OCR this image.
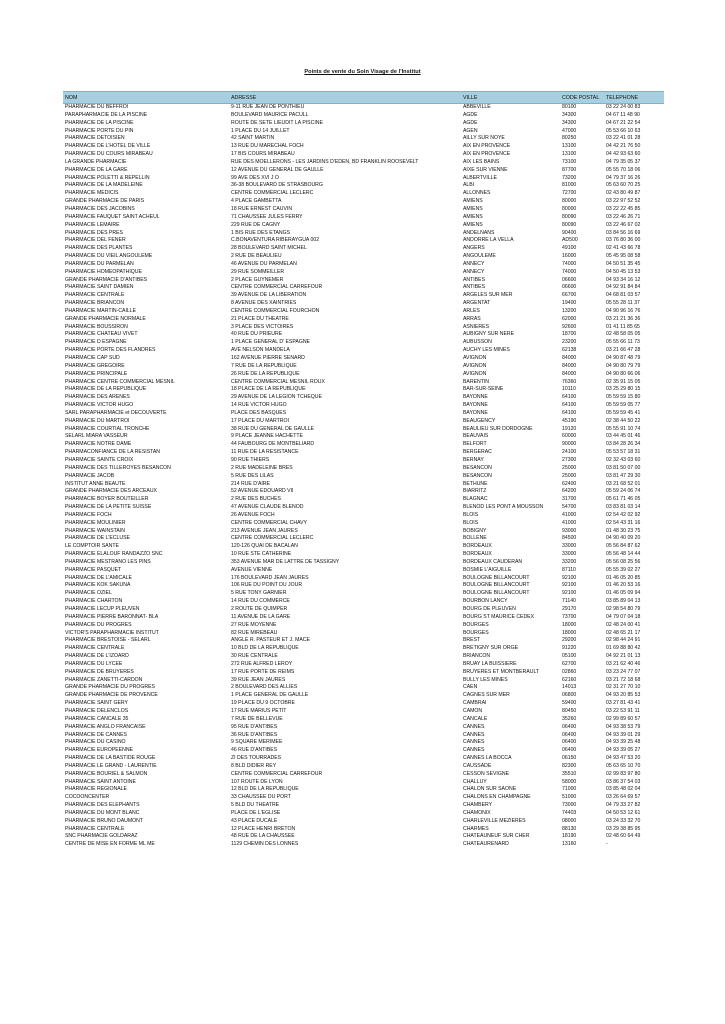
Points de vente du Soin Visage de l'Institut
NOM	ADRESSE	VILLE	CODE POSTAL	TÉLÉPHONE
PHARMACIE DU BEFFROI	9-11 RUE JEAN DE PONTHIEU	ABBEVILLE	80100	03 22 24 00 83
PARAPHARMACIE DE LA PISCINE	BOULEVARD MAURICE PACULL	AGDE	34300	04 67 11 48 90
PHARMACIE DE LA PISCINE	ROUTE DE SETE LIEUDIT LA PISCINE	AGDE	34300	04 67 21 22 54
PHARMACIE PORTE DU PIN	1 PLACE DU 14 JUILLET	AGEN	47000	05 53 66 10 63
PHARMACIE DETOISIEN	42 SAINT MARTIN	AILLY SUR NOYE	80250	03 22 41 01 28
PHARMACIE DE L'HOTEL DE VILLE	13 RUE DU MARECHAL FOCH	AIX EN PROVENCE	13100	04 42 21 76 50
PHARMACIE DU COURS MIRABEAU	17 BIS COURS MIRABEAU	AIX EN PROVENCE	13100	04 42 93 63 60
LA GRANDE PHARMACIE	RUE DES MOELLERONS - LES JARDINS D'EDEN, BD FRANKLIN ROOSEVELT	AIX LES BAINS	73100	04 79 35 05 37
PHARMACIE DE LA GARE	12 AVENUE DU GENERAL DE GAULLE	AIXE SUR VIENNE	87700	05 55 70 18 06
PHARMACIE POLETTI & REPELLIN	99 AVE DES XVI J O	ALBERTVILLE	73200	04 79 37 16 26
PHARMACIE DE LA MADELEINE	36-38 BOULEVARD DE STRASBOURG	ALBI	81000	05 63 60 70 25
PHARMACIE MEDICIS	CENTRE COMMERCIAL LECLERC	ALLONNES	72700	02 43 80 49 87
GRANDE PHARMACIE DE PARIS	4 PLACE GAMBETTA	AMIENS	80000	03 22 97 52 52
PHARMACIE DES JACOBINS	18 RUE ERNEST CAUVIN	AMIENS	80000	03 22 22 45 85
PHARMACIE FAUQUET SAINT ACHEUL	71 CHAUSSEE JULES FERRY	AMIENS	80090	03 22 46 26 71
PHARMACIE LEMAIRE	229 RUE DE CAGNY	AMIENS	80090	03 22 46 67 02
PHARMACIE DES PRES	1 BIS RUE DES ETANGS	ANDELNANS	90400	03 84 56 16 69
PHARMACIE DEL FENER	C.BONAVENTURA RIBERAYGUA 002	ANDORRE LA VELLA	AD500	03 76 80 36 00
PHARMACIE DES PLANTES	28 BOULEVARD SAINT MICHEL	ANGERS	49100	02 41 43 66 78
PHARMACIE DU VIEIL ANGOULÊME	2 RUE DE BEAULIEU	ANGOULEME	16000	05 45 95 08 58
PHARMACIE DU PARMELAN	46 AVENUE DU PARMELAN	ANNECY	74000	04 50 51 35 45
PHARMACIE HOMEOPATHIQUE	29 RUE SOMMEILLER	ANNECY	74000	04 50 45 13 53
GRANDE PHARMACIE D'ANTIBES	2 PLACE GUYNEMER	ANTIBES	06600	04 93 34 16 12
PHARMACIE SAINT DAMIEN	CENTRE COMMERCIAL CARREFOUR	ANTIBES	06600	04 92 91 84 84
PHARMACIE CENTRALE	39 AVENUE DE LA LIBERATION	ARGELES SUR MER	66700	04 68 81 03 57
PHARMACIE BRIANCON	8 AVENUE DES XAINTRIES	ARGENTAT	19400	05 55 28 11 37
PHARMACIE MARTIN-CAILLE	CENTRE COMMERCIAL FOURCHON	ARLES	13200	04 90 96 16 76
GRANDE PHARMACIE NORMALE	21 PLACE DU THEATRE	ARRAS	62000	03 21 21 36 36
PHARMACIE BOUSSIRON	3 PLACE DES VICTOIRES	ASNIERES	92600	01 41 11 85 65
PHARMACIE CHATEAU VIVET	40 RUE DU PRIEURE	AUBIGNY SUR NERE	18700	02 48 58 05 05
PHARMACIE D ESPAGNE	1 PLACE GENERAL D' ESPAGNE	AUBUSSON	23200	05 55 66 11 73
PHARMACIE PORTE DES FLANDRES	AVE NELSON MANDELA	AUCHY LES MINES	62138	03 21 66 47 28
PHARMACIE CAP SUD	162 AVENUE PIERRE SENARD	AVIGNON	84000	04 90 87 48 79
PHARMACIE GREGOIRE	7 RUE DE LA REPUBLIQUE	AVIGNON	84000	04 90 80 79 79
PHARMACIE PRINCIPALE	26 RUE DE LA REPUBLIQUE	AVIGNON	84000	04 90 80 66 06
PHARMACIE CENTRE COMMERCIAL MESNIL	CENTRE COMMERCIAL MESNIL ROUX	BARENTIN	76360	02 35 91 15 05
PHARMACIE DE LA REPUBLIQUE	18 PLACE DE LA REPUBLIQUE	BAR-SUR-SEINE	10110	03 25 29 80 15
PHARMACIE DES ARENES	29 AVENUE DE LA LEGION TCHEQUE	BAYONNE	64100	05 59 59 15 80
PHARMACIE VICTOR HUGO	14 RUE VICTOR HUGO	BAYONNE	64100	05 59 59 05 77
SARL PARAPHARMACIE et DECOUVERTE	PLACE DES BASQUES	BAYONNE	64100	05 59 59 45 41
PHARMACIE DU MARTROI	17 PLACE DU MARTROI	BEAUGENCY	45190	02 38 44 50 22
PHARMACIE COURTIAL TRONCHE	38 RUE DU GENERAL DE GAULLE	BEAULIEU SUR DORDOGNE	19120	05 55 91 10 74
SELARL MIARA VASSEUR	9 PLACE JEANNE HACHETTE	BEAUVAIS	60000	03 44 45 01 46
PHARMACIE NOTRE DAME	44 FAUBOURG DE MONTBELIARD	BELFORT	90000	03 84 28 26 34
PHARMACONFIANCE DE LA RESISTAN	11 RUE DE LA RESISTANCE	BERGERAC	24100	05 53 57 18 31
PHARMACIE SAINTE CROIX	90 RUE THIERS	BERNAY	27300	02 32 43 03 60
PHARMACIE DES TILLEROYES BESANCON	2 RUE MADELEINE BRES	BESANCON	25000	03 81 50 07 00
PHARMACIE JACOB	5 RUE DES LILAS	BESANCON	25000	03 81 47 29 30
INSTITUT ANNE BEAUTE	214 RUE D'AIRE	BETHUNE	62400	03 21 68 52 01
GRANDE PHARMACIE DES ARCEAUX	52 AVENUE EDOUARD VII	BIARRITZ	64200	05 59 24 06 74
PHARMACIE BOYER BOUTEILLER	2 RUE DES BUCHES	BLAGNAC	31700	05 61 71 46 05
PHARMACIE DE LA PETITE SUISSE	47 AVENUE CLAUDE BLENOD	BLENOD LES PONT A MOUSSON	54700	03 83 81 03 14
PHARMACIE FOCH	26 AVENUE FOCH	BLOIS	41000	02 54 42 02 92
PHARMACIE MOULINIER	CENTRE COMMERCIAL CHAVY	BLOIS	41000	02 54 43 31 16
PHARMACIE WAINSTAIN	213 AVENUE JEAN JAURES	BOBIGNY	93000	01 48 30 23 75
PHARMACIE DE L'ECLUSE	CENTRE COMMERCIAL LECLERC	BOLLENE	84500	04 90 40 09 20
LE COMPTOIR SANTE	120-126 QUAI DE BACALAN	BORDEAUX	33000	05 56 84 87 62
PHARMACIE ELALOUF RANDAZZO SNC	10 RUE STE CATHERINE	BORDEAUX	33000	05 56 48 14 44
PHARMACIE MESTRANO LES PINS	353 AVENUE MAR DE LATTRE DE TASSIGNY	BORDEAUX CAUDERAN	33200	05 56 08 25 56
PHARMACIE PASQUET	AVENUE VIENNE	BOSMIE L'AIGUILLE	87110	05 55 39 02 27
PHARMACIE DE L'AMICALE	176 BOULEVARD JEAN JAURES	BOULOGNE BILLANCOURT	92100	01 46 05 20 85
PHARMACIE KOK SAKUNA	106 RUE DU POINT DU JOUR	BOULOGNE BILLANCOURT	92100	01 46 20 53 16
PHARMACIE OZIEL	5 RUE TONY GARNIER	BOULOGNE BILLANCOURT	92100	01 46 05 09 94
PHARMACIE CHARTON	14 RUE DU COMMERCE	BOURBON LANCY	71140	03 85 89 04 13
PHARMACIE LECUP PLEUVEN	2 ROUTE DE QUIMPER	BOURG DE PLEUVEN	29170	02 98 54 80 79
PHARMACIE PIERRE BARONNAT- BLA	11 AVENUE DE LA GARE	BOURG ST MAURICE CEDEX	73700	04 79 07 04 18
PHARMACIE DU PROGRES	27 RUE MOYENNE	BOURGES	18000	02 48 24 00 41
VICTOR'S PARAPHARMACIE INSTITUT	82 RUE MIREBEAU	BOURGES	18000	02 48 65 21 17
PHARMACIE BRESTOISE - SELARL	ANGLE R. PASTEUR ET J. MACE	BREST	29200	02 98 44 24 91
PHARMACIE CENTRALE	10 BLD DE LA REPUBLIQUE	BRETIGNY SUR ORGE	91220	01 69 88 80 42
PHARMACIE DE L'IZOARD	30 RUE CENTRALE	BRIANCON	05100	04 92 21 01 13
PHARMACIE DU LYCEE	272 RUE ALFRED LEROY	BRUAY LA BUISSIERE	62700	03 21 62 40 46
PHARMACIE DE BRUYERES	17 RUE PORTE DE REIMS	BRUYERES ET MONTBERAULT	02860	03 23 24 77 07
PHARMACIE ZANETTI-CARDON	39 RUE JEAN JAURES	BULLY LES MINES	62160	03 21 72 18 68
GRANDE PHARMACIE DU PROGRES	2 BOULEVARD DES ALLIES	CAEN	14013	02 31 27 70 10
GRANDE PHARMACIE DE PROVENCE	1 PLACE GÉNÉRAL DE GAULLE	CAGNES SUR MER	06800	04 93 20 85 53
PHARMACIE SAINT GERY	19 PLACE DU 9 OCTOBRE	CAMBRAI	59400	03 27 81 43 41
PHARMACIE DELENCLOS	17 RUE MARIUS PETIT	CAMON	80450	03 22 53 91 11
PHARMACIE CANCALE 35	7 RUE DE BELLEVUE	CANCALE	35260	02 99 89 60 57
PHARMACIE ANGLO FRANCAISE	95 RUE D'ANTIBES	CANNES	06400	04 93 38 53 79
PHARMACIE DE CANNES	36 RUE D'ANTIBES	CANNES	06400	04 93 39 01 29
PHARMACIE DU CASINO	9 SQUARE MERIMEE	CANNES	06400	04 93 39 25 48
PHARMACIE EUROPEENNE	46 RUE D'ANTIBES	CANNES	06400	04 93 39 05 27
PHARMACIE DE LA BASTIDE ROUGE	ZI DES TOURRADES	CANNES LA BOCCA	06150	04 93 47 53 20
PHARMACIE LE GRAND - LAURENTIE	8 BLD DIDIER REY	CAUSSADE	82300	05 63 65 10 70
PHARMACIE BOURIEL & SALMON	CENTRE COMMERCIAL CARREFOUR	CESSON SEVIGNE	35510	02 99 83 97 80
PHARMACIE SAINT ANTOINE	107 ROUTE DE LYON	CHALLUY	58000	03 86 37 54 03
PHARMACIE REGIONALE	12 BLD DE LA REPUBLIQUE	CHALON SUR SAONE	71000	03 85 48 02 04
COCOONCENTER	33 CHAUSSEE DU PORT	CHALONS EN CHAMPAGNE	51000	03 26 64 69 57
PHARMACIE DES ELEPHANTS	5 BLD DU THEATRE	CHAMBERY	73000	04 79 33 27 82
PHARMACIE DU MONT BLANC	PLACE DE L'EGLISE	CHAMONIX	74403	04 50 53 12 61
PHARMACIE BRUNO DAUMONT	43 PLACE DUCALE	CHARLEVILLE MEZIERES	08000	03 24 33 32 70
PHARMACIE CENTRALE	12 PLACE HENRI BRETON	CHARMES	88130	03 29 38 85 95
SNC PHARMACIE GOLDARAZ	48 RUE DE LA CHAUSSEE	CHATEAUNEUF SUR CHER	18190	02 48 60 64 49
CENTRE DE MISE EN FORME ML ME	1129 CHEMIN DES LONNES	CHATEAURENARD	13160	-
